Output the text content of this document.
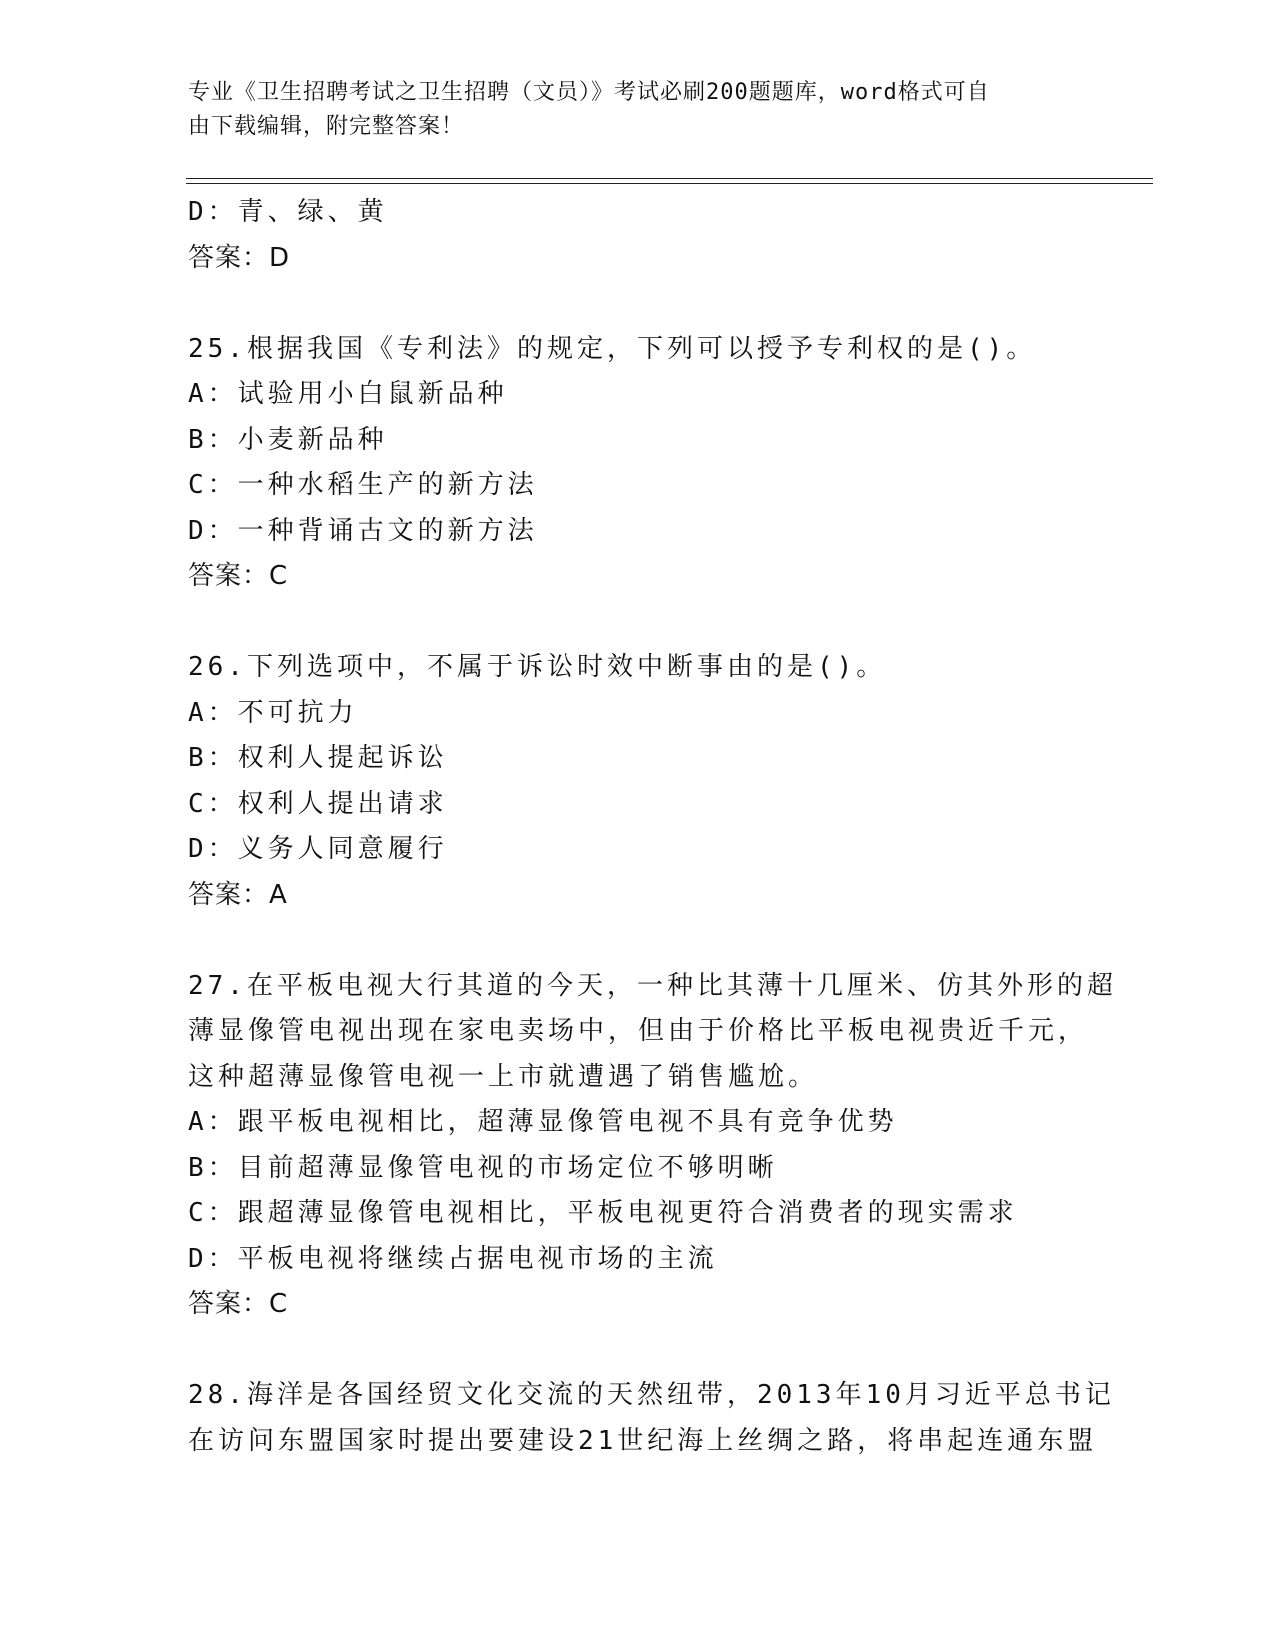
专业《卫生招聘考试之卫生招聘（文员）》考试必刷200题题库，word格式可自
由下载编辑，附完整答案！
D：青、绿、黄
答案：D
25.根据我国《专利法》的规定，下列可以授予专利权的是()。
A：试验用小白鼠新品种
B：小麦新品种
C：一种水稻生产的新方法
D：一种背诵古文的新方法
答案：C
26.下列选项中，不属于诉讼时效中断事由的是()。
A：不可抗力
B：权利人提起诉讼
C：权利人提出请求
D：义务人同意履行
答案：A
27.在平板电视大行其道的今天，一种比其薄十几厘米、仿其外形的超
薄显像管电视出现在家电卖场中，但由于价格比平板电视贵近千元，
这种超薄显像管电视一上市就遭遇了销售尴尬。
A：跟平板电视相比，超薄显像管电视不具有竞争优势
B：目前超薄显像管电视的市场定位不够明晰
C：跟超薄显像管电视相比，平板电视更符合消费者的现实需求
D：平板电视将继续占据电视市场的主流
答案：C
28.海洋是各国经贸文化交流的天然纽带，2013年10月习近平总书记
在访问东盟国家时提出要建设21世纪海上丝绸之路，将串起连通东盟
